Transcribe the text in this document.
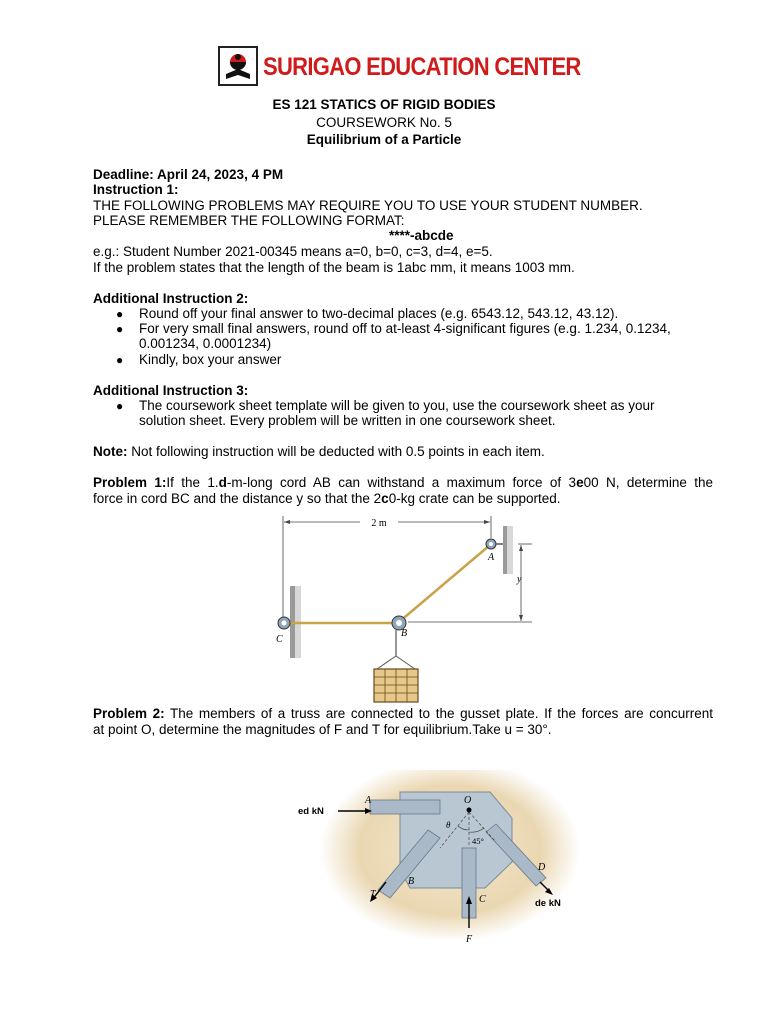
SURIGAO EDUCATION CENTER
ES 121 STATICS OF RIGID BODIES
COURSEWORK No. 5
Equilibrium of a Particle
Deadline: April 24, 2023, 4 PM
Instruction 1:
THE FOLLOWING PROBLEMS MAY REQUIRE YOU TO USE YOUR STUDENT NUMBER.
PLEASE REMEMBER THE FOLLOWING FORMAT:
****-abcde
e.g.: Student Number 2021-00345 means a=0, b=0, c=3, d=4, e=5.
If the problem states that the length of the beam is 1abc mm, it means 1003 mm.
Additional Instruction 2:
● Round off your final answer to two-decimal places (e.g. 6543.12, 543.12, 43.12).
● For very small final answers, round off to at-least 4-significant figures (e.g. 1.234, 0.1234,
0.001234, 0.0001234)
● Kindly, box your answer
Additional Instruction 3:
● The coursework sheet template will be given to you, use the coursework sheet as your
solution sheet. Every problem will be written in one coursework sheet.
Note: Not following instruction will be deducted with 0.5 points in each item.
Problem 1:If the 1.d-m-long cord AB can withstand a maximum force of 3e00 N, determine the
force in cord BC and the distance y so that the 2c0-kg crate can be supported.
2 m
y
A
B
C
Problem 2: The members of a truss are connected to the gusset plate. If the forces are concurrent
at point O, determine the magnitudes of F and T for equilibrium.Take u = 30°.
ed kN
A
T
B
F
C
D
de kN
O
θ
45°
